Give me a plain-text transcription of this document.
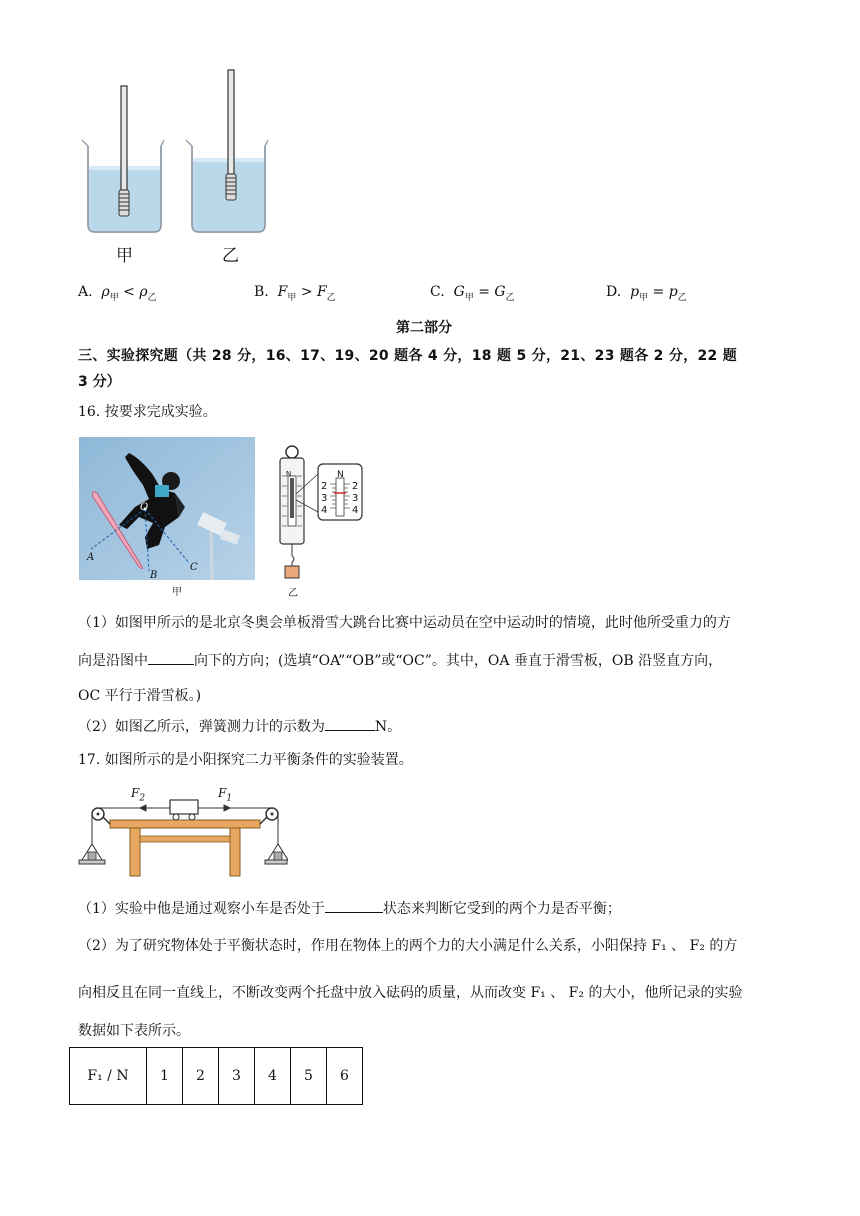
甲	乙
A. $\rho_甲 < \rho_乙$	B. $F_甲 > F_乙$	C. $G_甲 = G_乙$	D. $p_甲 = p_乙$
第二部分
三、实验探究题（共 28 分，16、17、19、20 题各 4 分，18 题 5 分，21、23 题各 2 分，22 题
3 分）
16. 按要求完成实验。
O
A
B
C
甲
N	N
2
3
4
2
3
4
乙
（1）如图甲所示的是北京冬奥会单板滑雪大跳台比赛中运动员在空中运动时的情境，此时他所受重力的方
向是沿图中	向下的方向；(选填“OA”“OB”或“OC”。其中，OA 垂直于滑雪板，OB 沿竖直方向，
OC 平行于滑雪板。)
（2）如图乙所示，弹簧测力计的示数为	N。
17. 如图所示的是小阳探究二力平衡条件的实验装置。
$F_2$	$F_1$
（1）实验中他是通过观察小车是否处于	状态来判断它受到的两个力是否平衡；
（2）为了研究物体处于平衡状态时，作用在物体上的两个力的大小满足什么关系，小阳保持 F₁ 、 F₂ 的方
向相反且在同一直线上，不断改变两个托盘中放入砝码的质量，从而改变 F₁ 、 F₂ 的大小，他所记录的实验
数据如下表所示。
F₁ / N	1	2	3	4	5	6
